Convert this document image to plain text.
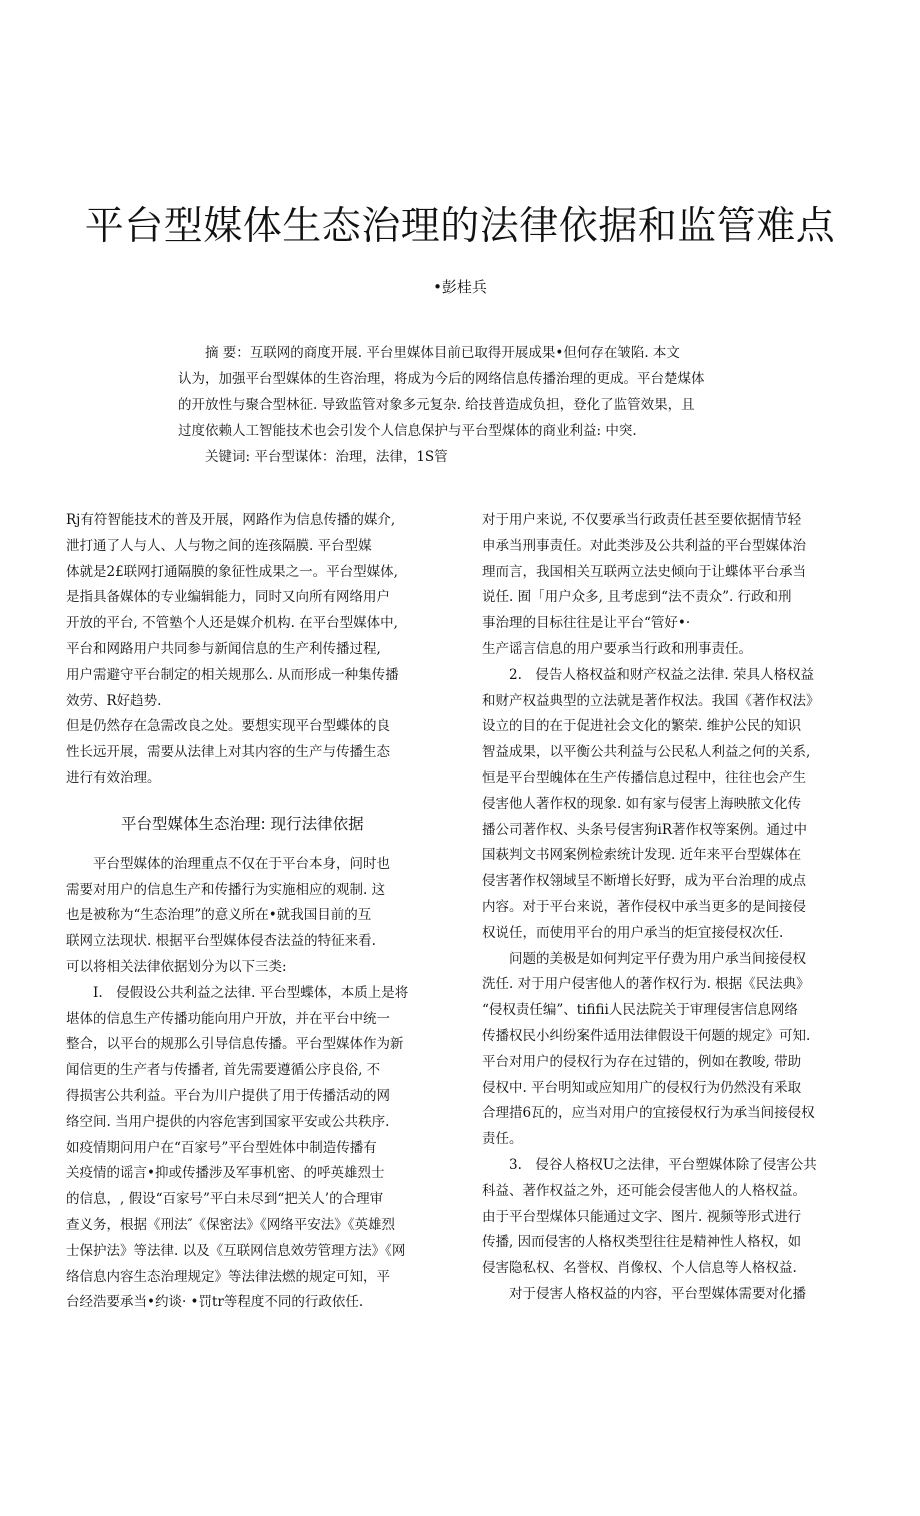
平台型媒体生态治理的法律依据和监管难点
•彭桂兵
　　摘 要：互联网的商度开展. 平台里媒体目前已取得开展成果•但何存在皱陷. 本文
认为，加强平台型媒体的生咨治理，将成为今后的网络信息传播治理的更成。平台楚煤体
的开放性与聚合型林征. 导致监管对象多元复杂. 给技普造成负担，登化了监管效果，且
过度依赖人工智能技术也会引发个人信息保护与平台型煤体的商业利益: 中突.
　　关键词: 平台型谋体：治理，法律，1S管
Rj有符智能技术的普及开展，网路作为信息传播的媒介,
泄打通了人与人、人与物之间的连孩隔膜. 平台型媒
体就是2£联网打通隔膜的象征性成果之一。平台型媒体,
是指具备媒体的专业编辑能力，同时又向所有网络用户
开放的平台, 不管塾个人还是媒介机构. 在平台型媒体中,
平台和网路用户共同参与新闻信息的生产利传播过程,
用户需避守平台制定的相关规那么. 从而形成一种集传播
效劳、R好趋势.
但是仍然存在急需改良之处。要想实现平台型蝶体的良
性长远开展，需要从法律上对其内容的生产与传播生态
进行有效治理。
平台型媒体生态治理: 现行法律依据
　　平台型媒体的治理重点不仅在于平台本身，问时也
需要对用户的信息生产和传播行为实施相应的观制. 这
也是被称为“生态治理”的意义所在•就我国目前的互
联网立法现状. 根据平台型媒体侵杏法益的特征来看.
可以将相关法律依据划分为以下三类:
　　I.　侵假设公共利益之法律. 平台型蝶体，本质上是将
堪体的信息生产传播功能向用户开放，并在平台中统一
整合，以平台的规那么引导信息传播。平台型媒体作为新
闻信更的生产者与传播者, 首先需要遵循公序良俗, 不
得损害公共利益。平台为川户提供了用于传播活动的网
络空间. 当用户提供的内容危害到国家平安或公共秩序.
如疫情期问用户在“百家号”平台型姓体中制造传播有
关疫情的谣言•抑或传播涉及军事机密、的呼英雄烈士
的信息，, 假设“百家号”平白未尽到“把关人’的合理审
查义务，根据《刑法″《保密法》《网络平安法》《英雄烈
士保护法》等法律. 以及《互联网信息效劳管理方法》《网
络信息内容生态治理规定》等法律法燃的规定可知，平
台经浩要承当•约谈· •罚tr等程度不同的行政依任.
对于用户来说, 不仅要承当行政责任甚至要依据情节轻
申承当刑事责任。对此类涉及公共利益的平台型媒体治
理而言，我国相关互联两立法史倾向于让蝶体平台承当
说任. 囿「用户众多, 且考虑到“法不责众”. 行政和刑
事治理的目标往往是让平台“管好•·
生产谣言信息的用户要承当行政和刑事责任。
　　2.　侵告人格权益和财产权益之法律. 荣具人格权益
和财产权益典型的立法就是著作权法。我国《著作权法》
设立的目的在于促进社会文化的繁荣. 维护公民的知识
智益成果，以平衡公共利益与公民私人利益之何的关系,
恒是平台型魄体在生产传播信息过程中，往往也会产生
侵害他人著作权的现象. 如有家与侵害上海映脓文化传
播公司著作权、头条号侵害狗iR著作权等案例。通过中
国萩判文书网案例检索统计发现. 近年来平台型媒体在
侵害著作权翎域呈不断增长好野，成为平台治理的成点
内容。对于平台来说，著作侵权中承当更多的是间接侵
权说任，而使用平台的用户承当的炬宜接侵权次任.
　　问题的美极是如何判定平仔费为用户承当间接侵权
洗任. 对于用户侵害他人的著作权行为. 根据《民法典》
“侵权责任编”、tififii人民法院关于审理侵害信息网络
传播权民小纠纷案件适用法律假设干何题的规定》可知.
平台对用户的侵权行为存在过错的，例如在教唆, 带助
侵权中. 平台明知或应知用广的侵权行为仍然没有釆取
合理措6瓦的，应当对用户的宜接侵权行为承当间接侵权
责任。
　　3.　侵谷人格权U之法律，平台塑媒体除了侵害公共
科益、著作权益之外，还可能会侵害他人的人格权益。
由于平台型煤体只能通过文字、图片. 视频等形式进行
传播, 因而侵害的人格权类型往往是精神性人格权，如
侵害隐私权、名誉权、肖像权、个人信息等人格权益.
　　对于侵害人格权益的内容，平台型媒体需要对化播
